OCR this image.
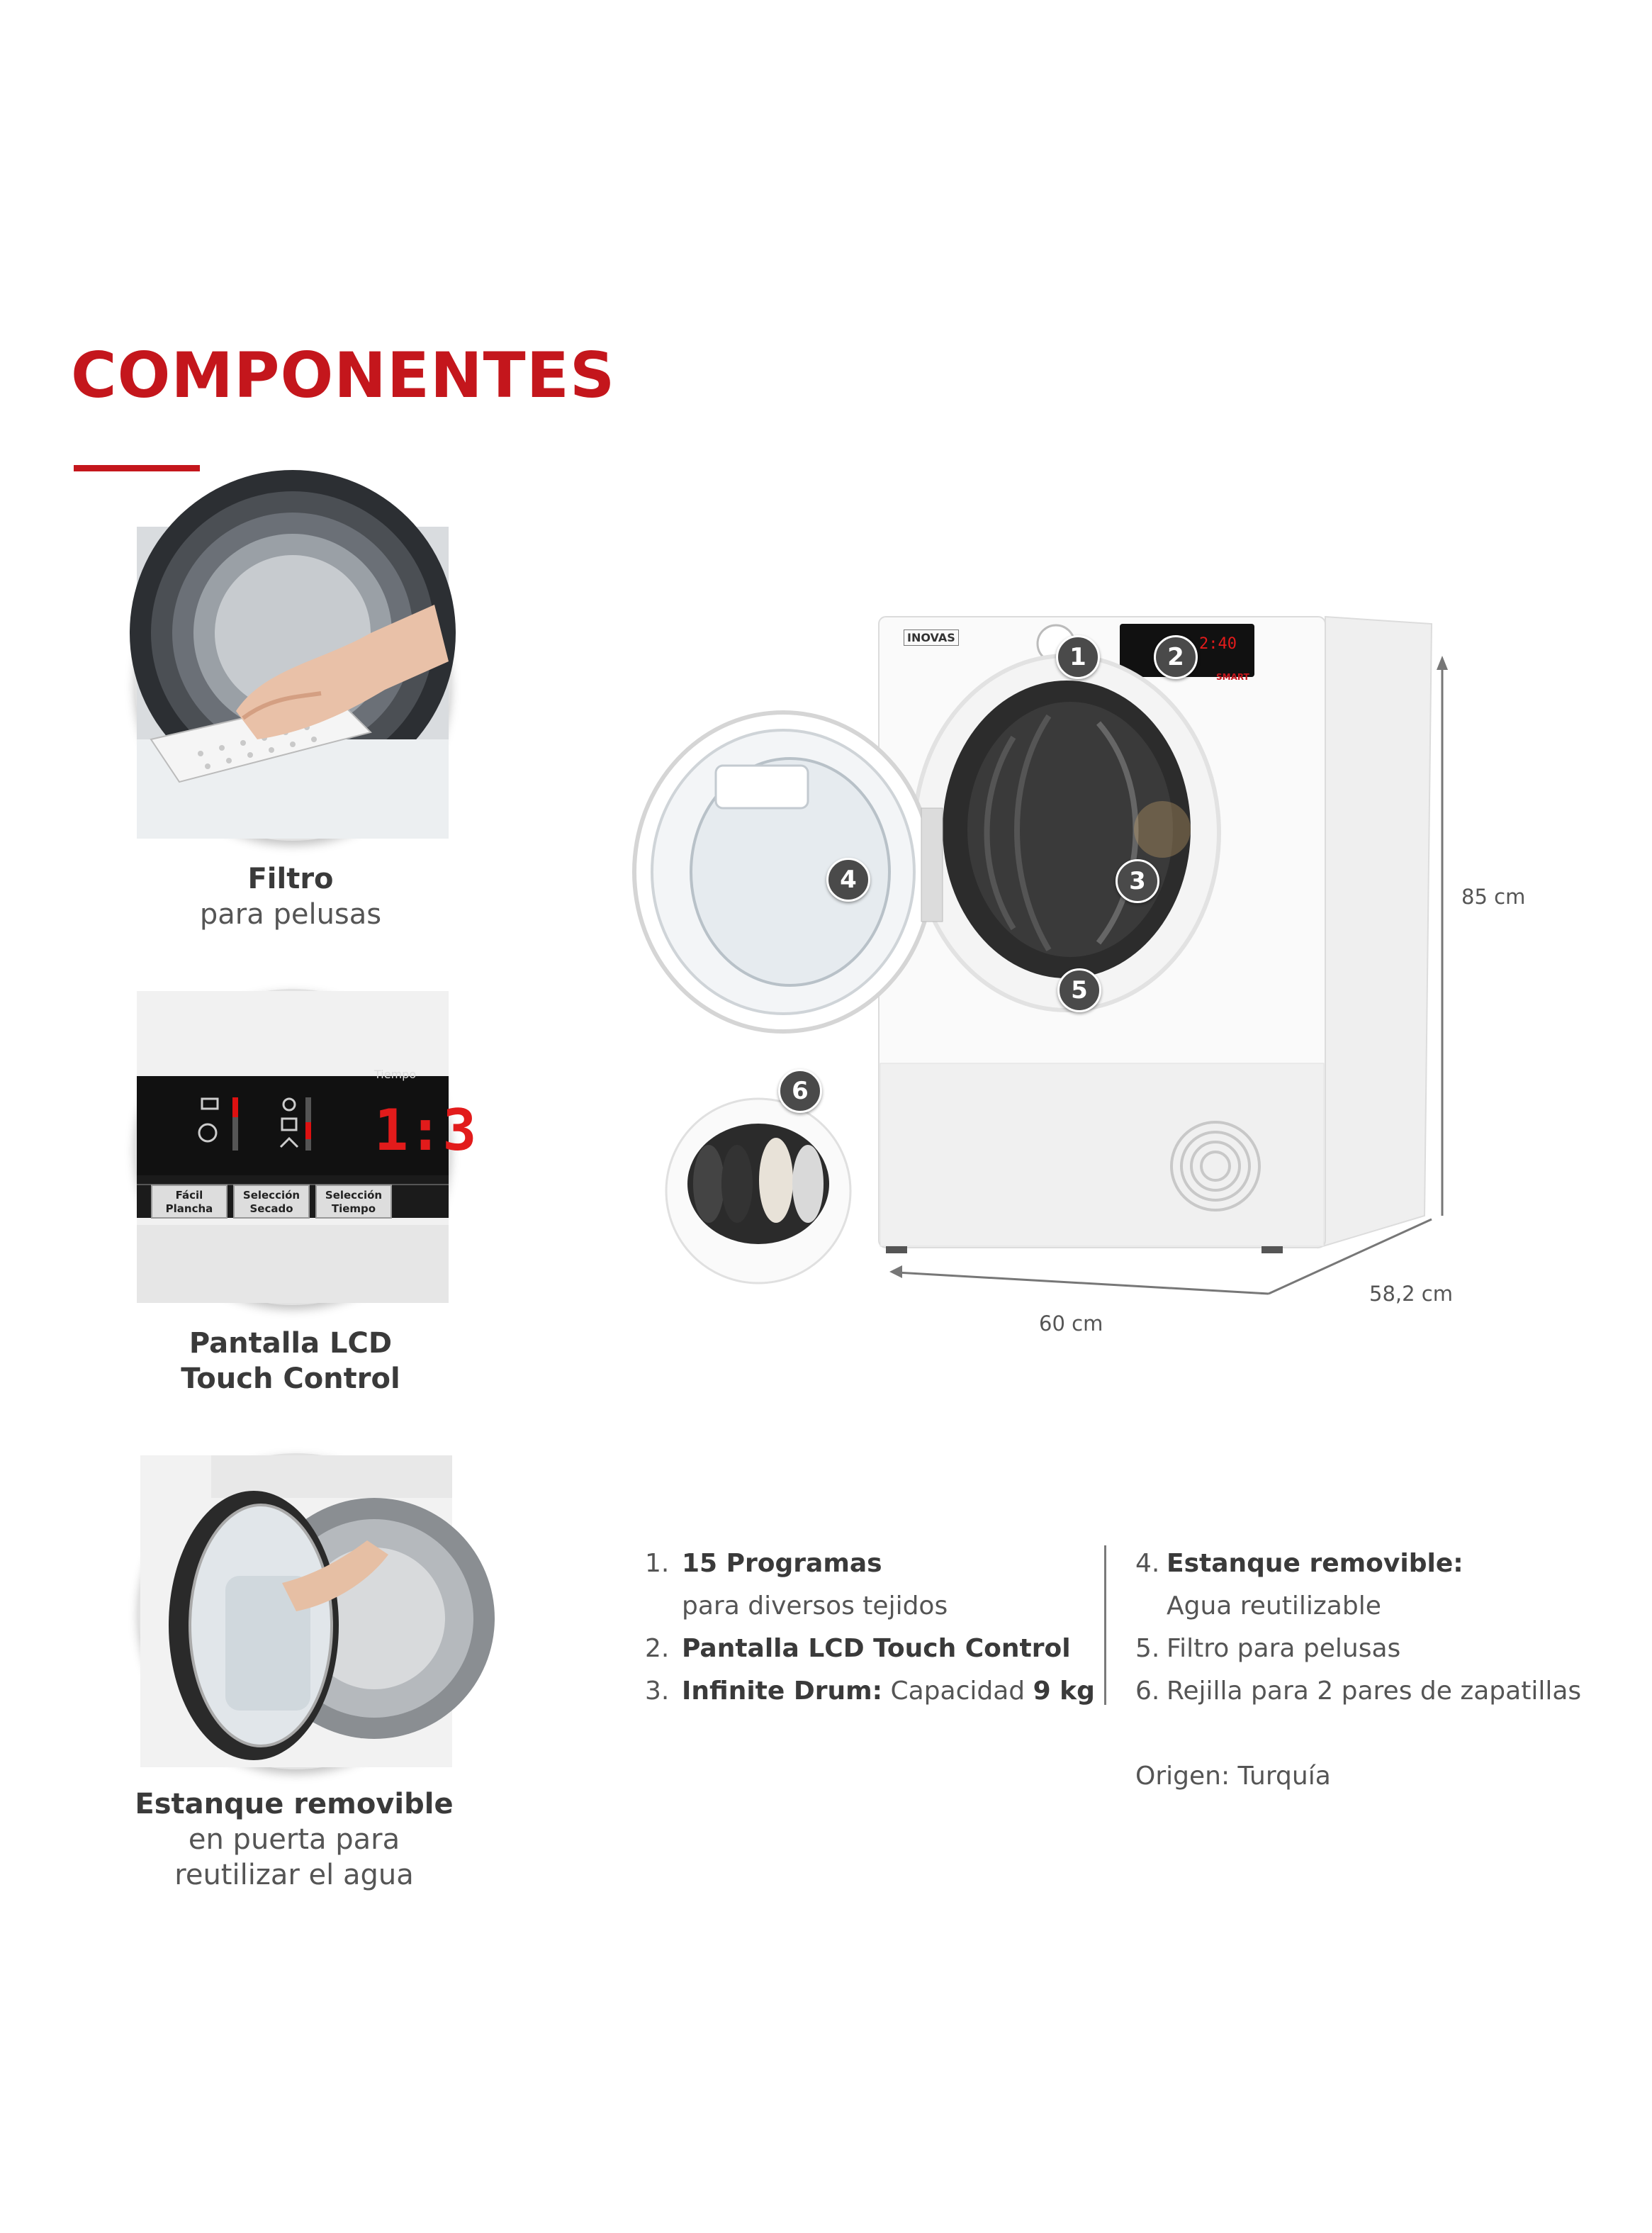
COMPONENTES
Filtro
para pelusas
Tiempo
1:3
Fácil
Plancha
Selección
Secado
Selección
Tiempo
Pantalla LCD
Touch Control
Estanque removible
en puerta para
reutilizar el agua
INOVAS	2:40
SMART
1	2
3
4
5
6
85 cm
60 cm
58,2 cm
1. 15 Programas
para diversos tejidos
2. Pantalla LCD Touch Control
3. Infinite Drum: Capacidad 9 kg
4. Estanque removible:
Agua reutilizable
5. Filtro para pelusas
6. Rejilla para 2 pares de zapatillas
Origen: Turquía
